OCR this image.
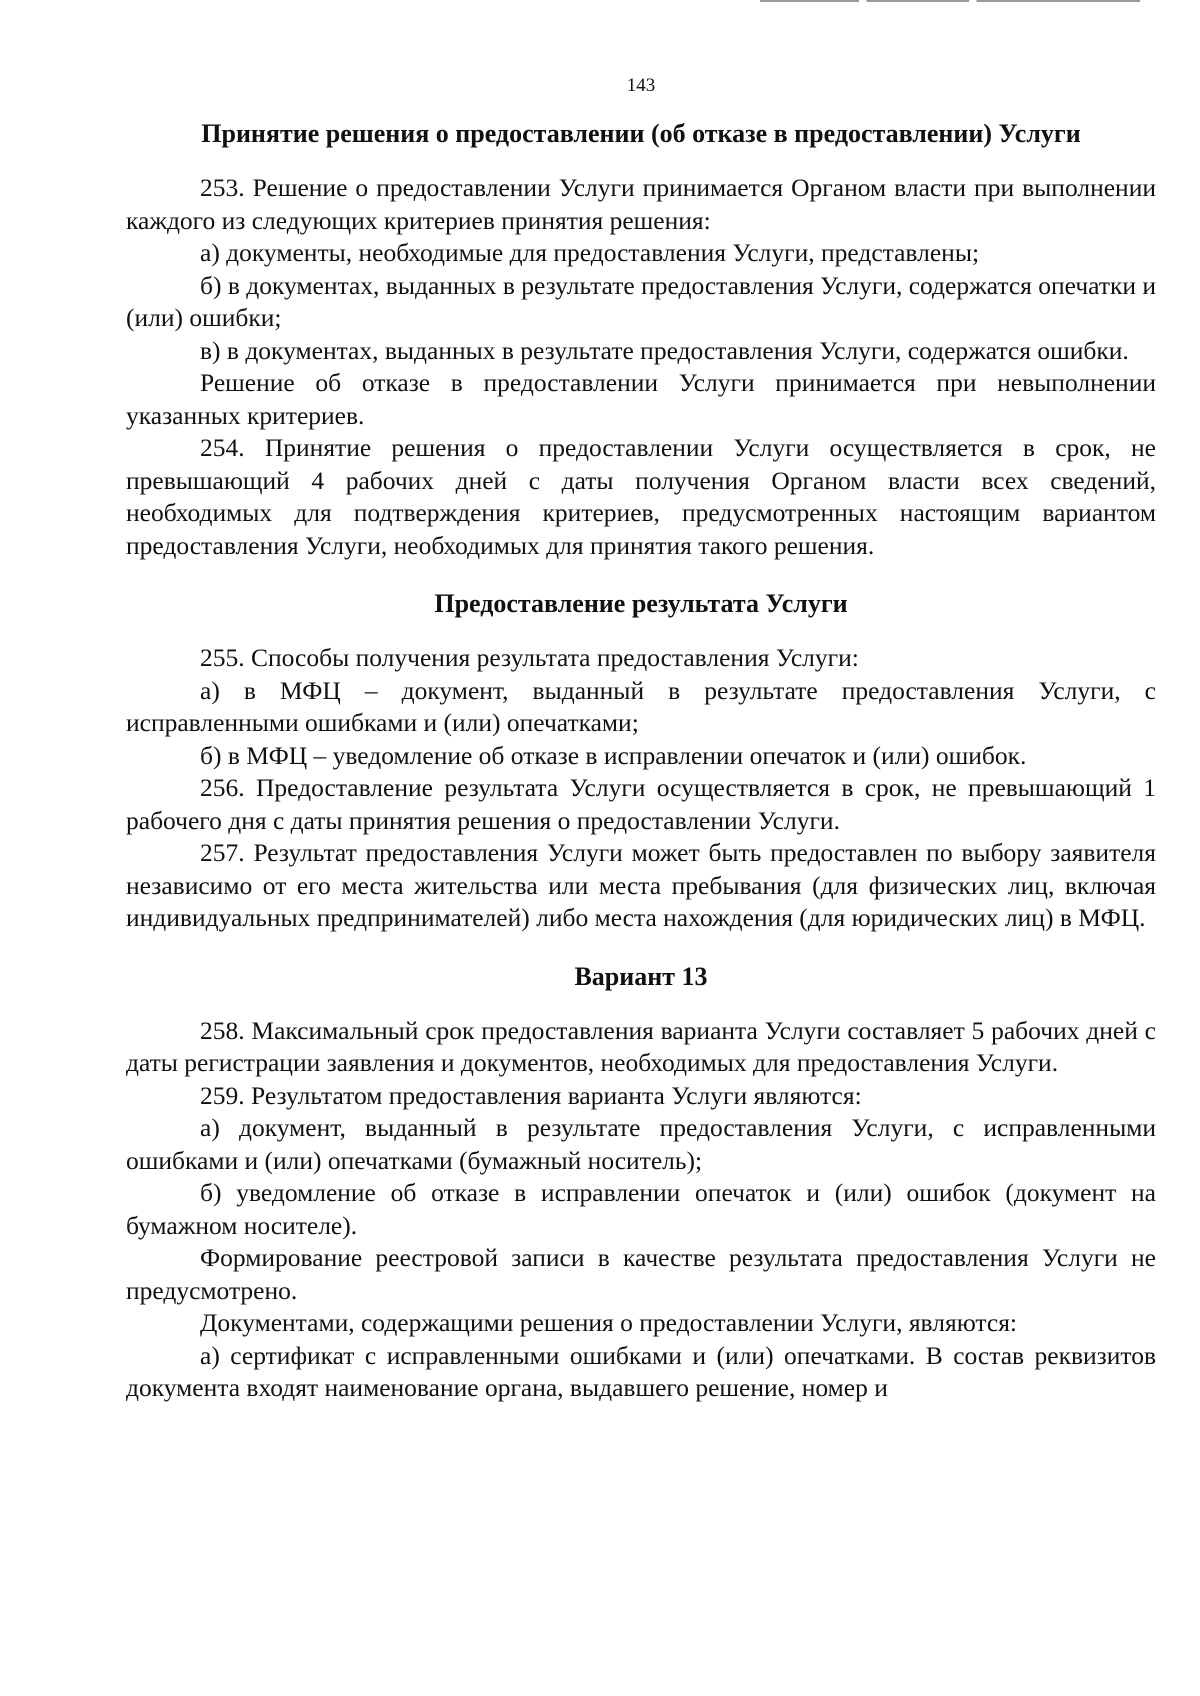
143
Принятие решения о предоставлении (об отказе в предоставлении) Услуги

253. Решение о предоставлении Услуги принимается Органом власти при выполнении каждого из следующих критериев принятия решения:

а) документы, необходимые для предоставления Услуги, представлены;

б) в документах, выданных в результате предоставления Услуги, содержатся опечатки и (или) ошибки;

в) в документах, выданных в результате предоставления Услуги, содержатся ошибки.

Решение об отказе в предоставлении Услуги принимается при невыполнении указанных критериев.

254. Принятие решения о предоставлении Услуги осуществляется в срок, не превышающий 4 рабочих дней с даты получения Органом власти всех сведений, необходимых для подтверждения критериев, предусмотренных настоящим вариантом предоставления Услуги, необходимых для принятия такого решения.

Предоставление результата Услуги

255. Способы получения результата предоставления Услуги:

а) в МФЦ – документ, выданный в результате предоставления Услуги, с исправленными ошибками и (или) опечатками;

б) в МФЦ – уведомление об отказе в исправлении опечаток и (или) ошибок.

256. Предоставление результата Услуги осуществляется в срок, не превышающий 1 рабочего дня с даты принятия решения о предоставлении Услуги.

257. Результат предоставления Услуги может быть предоставлен по выбору заявителя независимо от его места жительства или места пребывания (для физических лиц, включая индивидуальных предпринимателей) либо места нахождения (для юридических лиц) в МФЦ.

Вариант 13

258. Максимальный срок предоставления варианта Услуги составляет 5 рабочих дней с даты регистрации заявления и документов, необходимых для предоставления Услуги.

259. Результатом предоставления варианта Услуги являются:

а) документ, выданный в результате предоставления Услуги, с исправленными ошибками и (или) опечатками (бумажный носитель);

б) уведомление об отказе в исправлении опечаток и (или) ошибок (документ на бумажном носителе).

Формирование реестровой записи в качестве результата предоставления Услуги не предусмотрено.

Документами, содержащими решения о предоставлении Услуги, являются:

а) сертификат с исправленными ошибками и (или) опечатками. В состав реквизитов документа входят наименование органа, выдавшего решение, номер и
